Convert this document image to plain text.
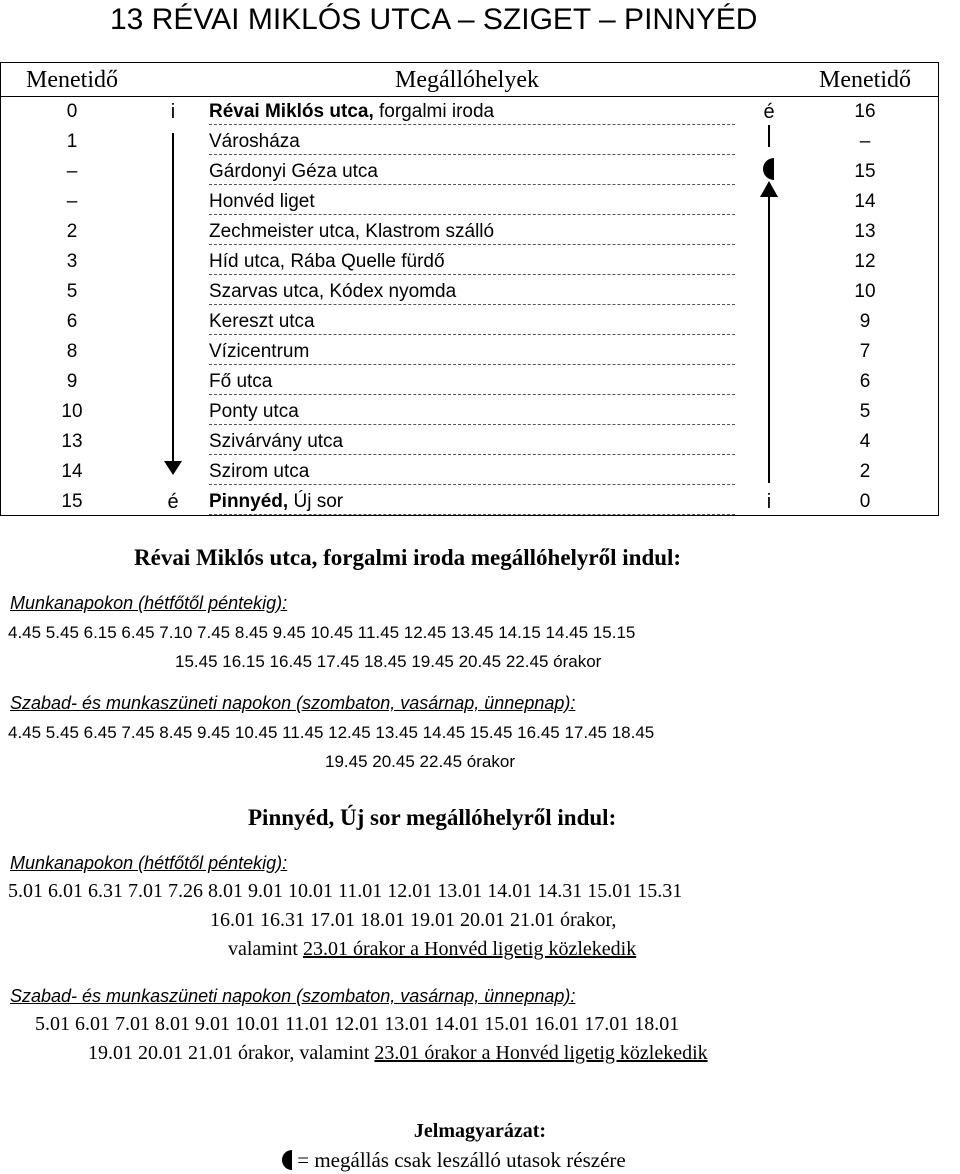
13 RÉVAI MIKLÓS UTCA – SZIGET – PINNYÉD
Menetidő	Megállóhelyek	Menetidő
0	Révai Miklós utca, forgalmi iroda	16
1	Városháza	–
–	Gárdonyi Géza utca	15
–	Honvéd liget	14
2	Zechmeister utca, Klastrom szálló	13
3	Híd utca, Rába Quelle fürdő	12
5	Szarvas utca, Kódex nyomda	10
6	Kereszt utca	9
8	Vízicentrum	7
9	Fő utca	6
10	Ponty utca	5
13	Szivárvány utca	4
14	Szirom utca	2
15	Pinnyéd, Új sor	0
i
é
é
i
Révai Miklós utca, forgalmi iroda megállóhelyről indul:
Munkanapokon (hétfőtől péntekig):
4.45 5.45 6.15 6.45 7.10 7.45 8.45 9.45 10.45 11.45 12.45 13.45 14.15 14.45 15.15
15.45 16.15 16.45 17.45 18.45 19.45 20.45 22.45 órakor
Szabad- és munkaszüneti napokon (szombaton, vasárnap, ünnepnap):
4.45 5.45 6.45 7.45 8.45 9.45 10.45 11.45 12.45 13.45 14.45 15.45 16.45 17.45 18.45
19.45 20.45 22.45 órakor
Pinnyéd, Új sor megállóhelyről indul:
Munkanapokon (hétfőtől péntekig):
5.01 6.01 6.31 7.01 7.26 8.01 9.01 10.01 11.01 12.01 13.01 14.01 14.31 15.01 15.31
16.01 16.31 17.01 18.01 19.01 20.01 21.01 órakor,
valamint 23.01 órakor a Honvéd ligetig közlekedik
Szabad- és munkaszüneti napokon (szombaton, vasárnap, ünnepnap):
5.01 6.01 7.01 8.01 9.01 10.01 11.01 12.01 13.01 14.01 15.01 16.01 17.01 18.01
19.01 20.01 21.01 órakor, valamint 23.01 órakor a Honvéd ligetig közlekedik
Jelmagyarázat:
= megállás csak leszálló utasok részére
